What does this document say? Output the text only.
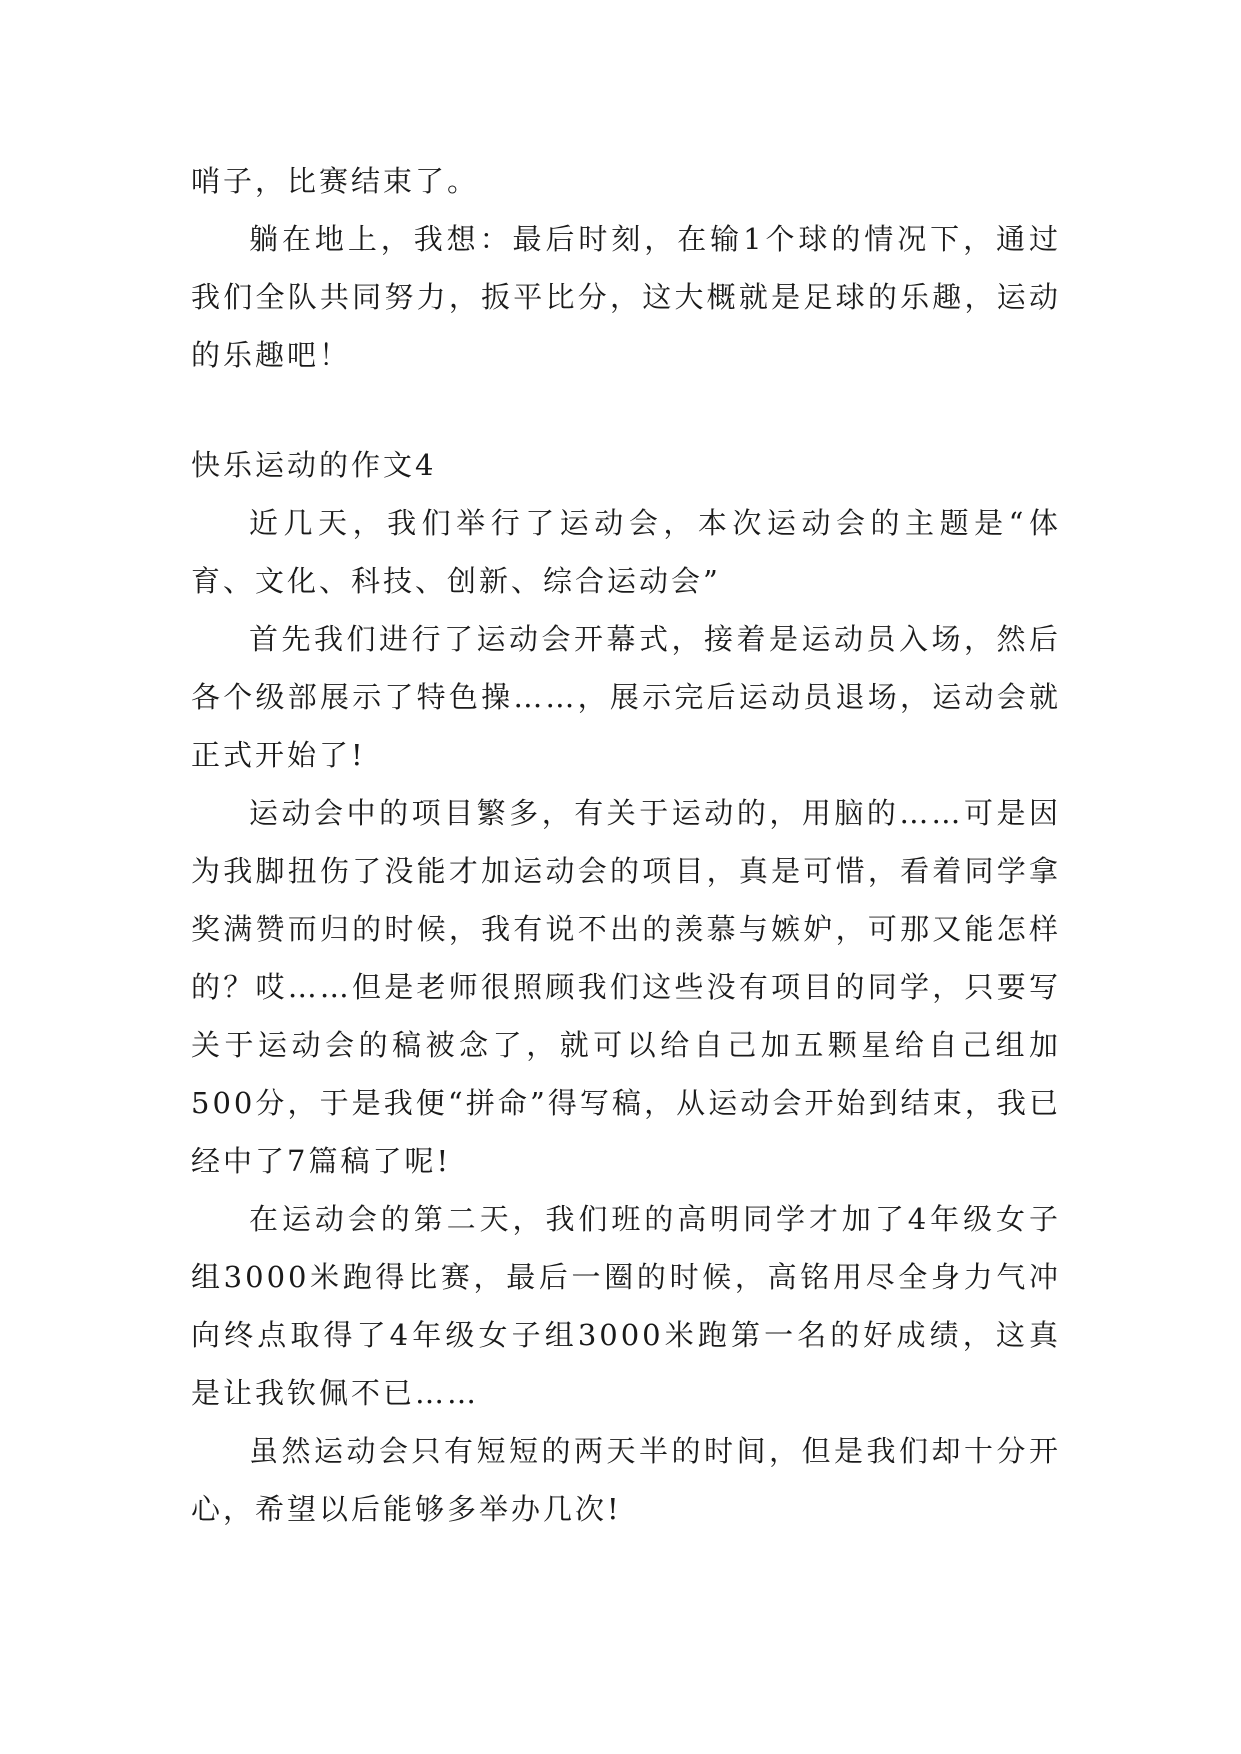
哨子，比赛结束了。

躺在地上，我想：最后时刻，在输1个球的情况下，通过我们全队共同努力，扳平比分，这大概就是足球的乐趣，运动的乐趣吧！

快乐运动的作文4

近几天，我们举行了运动会，本次运动会的主题是“体育、文化、科技、创新、综合运动会”

首先我们进行了运动会开幕式，接着是运动员入场，然后各个级部展示了特色操……，展示完后运动员退场，运动会就正式开始了!

运动会中的项目繁多，有关于运动的，用脑的……可是因为我脚扭伤了没能才加运动会的项目，真是可惜，看着同学拿奖满赞而归的时候，我有说不出的羡慕与嫉妒，可那又能怎样的？哎……但是老师很照顾我们这些没有项目的同学，只要写关于运动会的稿被念了，就可以给自己加五颗星给自己组加500分，于是我便“拼命”得写稿，从运动会开始到结束，我已经中了7篇稿了呢!

在运动会的第二天，我们班的高明同学才加了4年级女子组3000米跑得比赛，最后一圈的时候，高铭用尽全身力气冲向终点取得了4年级女子组3000米跑第一名的好成绩，这真是让我钦佩不已……

虽然运动会只有短短的两天半的时间，但是我们却十分开心，希望以后能够多举办几次!
